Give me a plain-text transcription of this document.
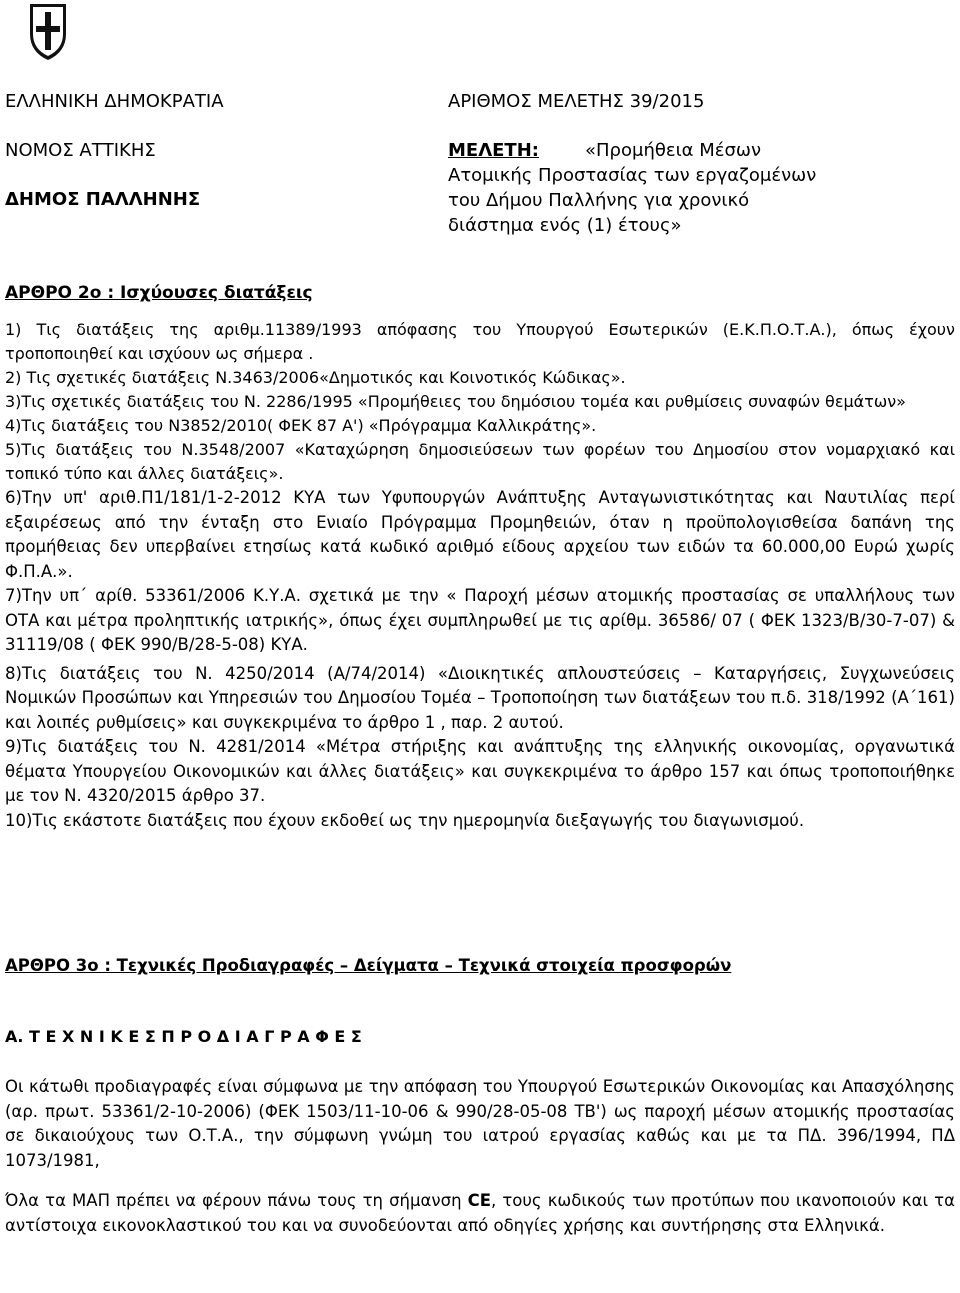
ΕΛΛΗΝΙΚΗ ΔΗΜΟΚΡΑΤΙΑ
ΝΟΜΟΣ ΑΤΤΙΚΗΣ
ΔΗΜΟΣ ΠΑΛΛΗΝΗΣ
ΑΡΙΘΜΟΣ ΜΕΛΕΤΗΣ 39/2015
ΜΕΛΕΤΗ:	«Προμήθεια Μέσων
Ατομικής Προστασίας των εργαζομένων
του Δήμου Παλλήνης για χρονικό
διάστημα ενός (1) έτους»
ΑΡΘΡΟ 2ο : Ισχύουσες διατάξεις

1) Τις διατάξεις της αριθμ.11389/1993 απόφασης του Υπουργού Εσωτερικών (Ε.Κ.Π.Ο.Τ.Α.), όπως έχουν τροποποιηθεί και ισχύουν ως σήμερα .

2) Τις σχετικές διατάξεις Ν.3463/2006«Δημοτικός και Κοινοτικός Κώδικας».

3)Τις σχετικές διατάξεις του Ν. 2286/1995 «Προμήθειες του δημόσιου τομέα και ρυθμίσεις συναφών θεμάτων»

4)Τις διατάξεις του Ν3852/2010( ΦΕΚ 87 Α') «Πρόγραμμα Καλλικράτης».

5)Τις διατάξεις του Ν.3548/2007 «Καταχώρηση δημοσιεύσεων των φορέων του Δημοσίου στον νομαρχιακό και τοπικό τύπο και άλλες διατάξεις».

6)Την υπ' αριθ.Π1/181/1-2-2012 ΚΥΑ των Υφυπουργών Ανάπτυξης Ανταγωνιστικότητας και Ναυτιλίας περί εξαιρέσεως από την ένταξη στο Ενιαίο Πρόγραμμα Προμηθειών, όταν η προϋπολογισθείσα δαπάνη της προμήθειας δεν υπερβαίνει ετησίως κατά κωδικό αριθμό είδους αρχείου των ειδών τα 60.000,00 Ευρώ χωρίς Φ.Π.Α.».

7)Την υπ΄ αρίθ. 53361/2006 Κ.Υ.Α. σχετικά με την « Παροχή μέσων ατομικής προστασίας σε υπαλλήλους των ΟΤΑ και μέτρα προληπτικής ιατρικής», όπως έχει συμπληρωθεί με τις αρίθμ. 36586/ 07 ( ΦΕΚ 1323/Β/30-7-07) & 31119/08 ( ΦΕΚ 990/Β/28-5-08) ΚΥΑ.

8)Τις διατάξεις του Ν. 4250/2014 (Α/74/2014) «Διοικητικές απλουστεύσεις – Καταργήσεις, Συγχωνεύσεις Νομικών Προσώπων και Υπηρεσιών του Δημοσίου Τομέα – Τροποποίηση των διατάξεων του π.δ. 318/1992 (Α΄161) και λοιπές ρυθμίσεις» και συγκεκριμένα το άρθρο 1 , παρ. 2 αυτού.

9)Τις διατάξεις του Ν. 4281/2014 «Μέτρα στήριξης και ανάπτυξης της ελληνικής οικονομίας, οργανωτικά θέματα Υπουργείου Οικονομικών και άλλες διατάξεις» και συγκεκριμένα το άρθρο 157 και όπως τροποποιήθηκε με τον Ν. 4320/2015 άρθρο 37.

10)Τις εκάστοτε διατάξεις που έχουν εκδοθεί ως την ημερομηνία διεξαγωγής του διαγωνισμού.

ΑΡΘΡΟ 3ο : Τεχνικές Προδιαγραφές – Δείγματα – Τεχνικά στοιχεία προσφορών
Α. Τ Ε Χ Ν Ι Κ Ε Σ Π Ρ Ο Δ Ι Α Γ Ρ Α Φ Ε Σ

Οι κάτωθι προδιαγραφές είναι σύμφωνα με την απόφαση του Υπουργού Εσωτερικών Οικονομίας και Απασχόλησης (αρ. πρωτ. 53361/2-10-2006) (ΦΕΚ 1503/11-10-06 & 990/28-05-08 ΤΒ') ως παροχή μέσων ατομικής προστασίας σε δικαιούχους των Ο.Τ.Α., την σύμφωνη γνώμη του ιατρού εργασίας καθώς και με τα ΠΔ. 396/1994, ΠΔ 1073/1981,

Όλα τα ΜΑΠ πρέπει να φέρουν πάνω τους τη σήμανση CE, τους κωδικούς των προτύπων που ικανοποιούν και τα αντίστοιχα εικονοκλαστικού του και να συνοδεύονται από οδηγίες χρήσης και συντήρησης στα Ελληνικά.
